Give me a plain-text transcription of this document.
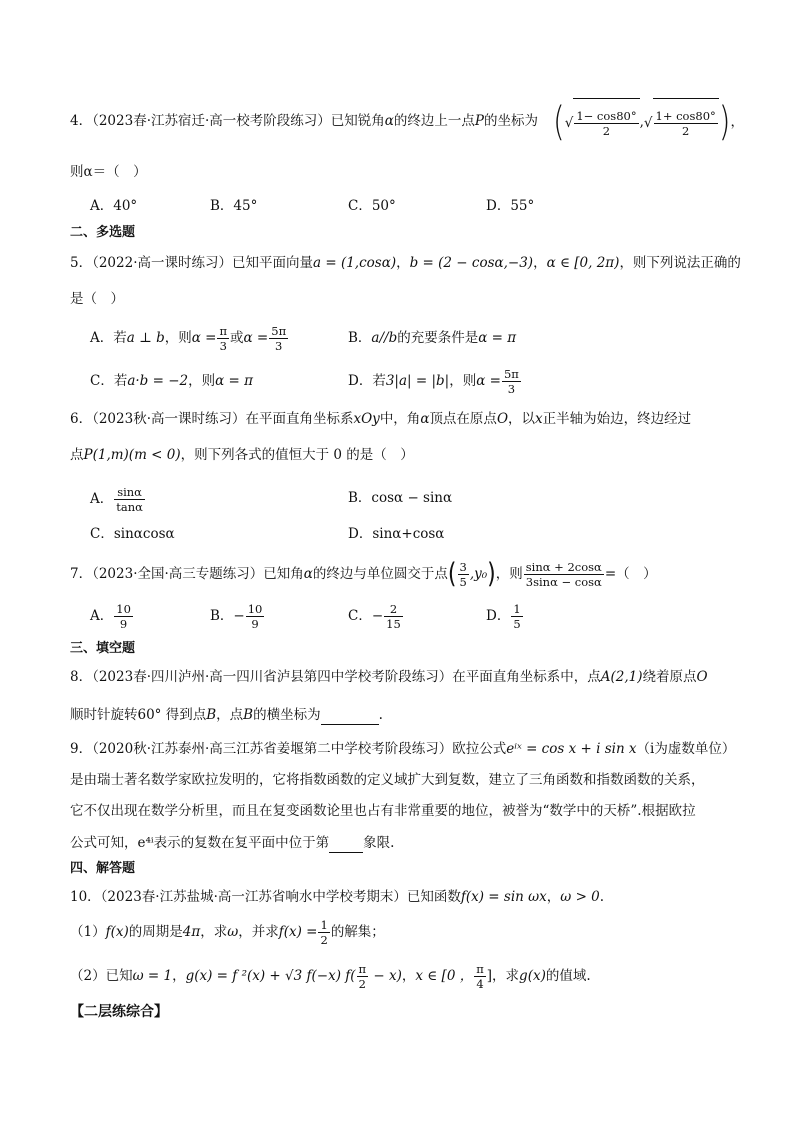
4．（2023春·江苏宿迁·高一校考阶段练习）已知锐角α的终边上一点P的坐标为 (√ $\frac{1- \cos 80^\circ}{2}$ ,√ $\frac{1+ \cos 80^\circ}{2}$ )，
则α＝（　）
A．40°	B．45°	C．50°	D．55°
二、多选题
5．（2022·高一课时练习）已知平面向量a = (1,cosα)，b = (2 − cosα,−3)，α ∈ [0, 2π)，则下列说法正确的
是（　）
A．若a ⊥ b，则$\alpha = \frac{\pi}{3}$ 或$\alpha = \frac{5\pi}{3}$	B．a//b的充要条件是α = π
C．若a·b = −2，则α = π	D．若3|a| = |b|，则$\alpha = \frac{5\pi}{3}$
6．（2023秋·高一课时练习）在平面直角坐标系xOy中，角α顶点在原点O，以x正半轴为始边，终边经过
点P(1,m)(m < 0)，则下列各式的值恒大于 0 的是（　）
A． $\frac{\sin\alpha}{\tan\alpha}$	B．cosα − sinα
C．sinαcosα	D．sinα+cosα
7．（2023·全国·高三专题练习）已知角α的终边与单位圆交于点( $\frac{3}{5} ,y_0$)，则 $\frac{\sin\alpha + 2\cos\alpha}{3\sin\alpha - \cos\alpha}$ =（　）
A． $\frac{10}{9}$	B．− $\frac{10}{9}$	C．− $\frac{2}{15}$	D． $\frac{1}{5}$
三、填空题
8．（2023春·四川泸州·高一四川省泸县第四中学校考阶段练习）在平面直角坐标系中，点A(2,1)绕着原点O
顺时针旋转60° 得到点B，点B的横坐标为	.
9．（2020秋·江苏泰州·高三江苏省姜堰第二中学校考阶段练习）欧拉公式eⁱˣ = cos x + i sin x（i为虚数单位）
是由瑞士著名数学家欧拉发明的，它将指数函数的定义域扩大到复数，建立了三角函数和指数函数的关系，
它不仅出现在数学分析里，而且在复变函数论里也占有非常重要的地位，被誉为“数学中的天桥”.根据欧拉
公式可知，e⁴ⁱ表示的复数在复平面中位于第	象限.
四、解答题
10．（2023春·江苏盐城·高一江苏省响水中学校考期末）已知函数f(x) = sin ωx，ω > 0.
（1）f(x)的周期是4π，求ω，并求$f(x) = \frac{1}{2}$ 的解集；
（2）已知ω = 1，g(x) = f ²(x) + √3 f(−x) $f( \frac{\pi}{2} - x)$，x ∈ [0 ， $\frac{\pi}{4}$ ]，求g(x)的值域.
【二层练综合】
